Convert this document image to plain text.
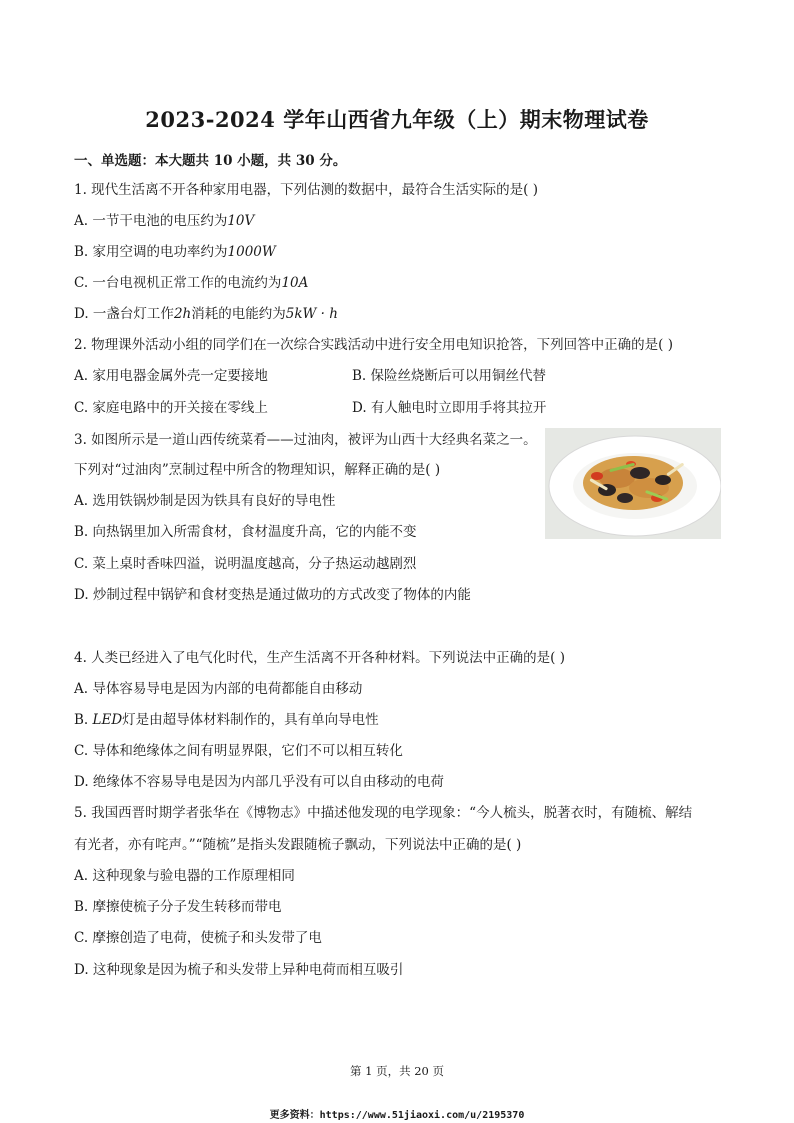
2023-2024 学年山西省九年级（上）期末物理试卷
一、单选题：本大题共 10 小题，共 30 分。
1. 现代生活离不开各种家用电器，下列估测的数据中，最符合生活实际的是( )
A. 一节干电池的电压约为10V
B. 家用空调的电功率约为1000W
C. 一台电视机正常工作的电流约为10A
D. 一盏台灯工作2h消耗的电能约为5kW · h
2. 物理课外活动小组的同学们在一次综合实践活动中进行安全用电知识抢答，下列回答中正确的是( )
A. 家用电器金属外壳一定要接地	B. 保险丝烧断后可以用铜丝代替
C. 家庭电路中的开关接在零线上	D. 有人触电时立即用手将其拉开
3. 如图所示是一道山西传统菜肴——过油肉，被评为山西十大经典名菜之一。
下列对“过油肉”烹制过程中所含的物理知识，解释正确的是( )
A. 选用铁锅炒制是因为铁具有良好的导电性
B. 向热锅里加入所需食材，食材温度升高，它的内能不变
C. 菜上桌时香味四溢，说明温度越高，分子热运动越剧烈
D. 炒制过程中锅铲和食材变热是通过做功的方式改变了物体的内能
4. 人类已经进入了电气化时代，生产生活离不开各种材料。下列说法中正确的是( )
A. 导体容易导电是因为内部的电荷都能自由移动
B. LED灯是由超导体材料制作的，具有单向导电性
C. 导体和绝缘体之间有明显界限，它们不可以相互转化
D. 绝缘体不容易导电是因为内部几乎没有可以自由移动的电荷
5. 我国西晋时期学者张华在《博物志》中描述他发现的电学现象：“今人梳头，脱著衣时，有随梳、解结
有光者，亦有咤声。”“随梳”是指头发跟随梳子飘动，下列说法中正确的是( )
A. 这种现象与验电器的工作原理相同
B. 摩擦使梳子分子发生转移而带电
C. 摩擦创造了电荷，使梳子和头发带了电
D. 这种现象是因为梳子和头发带上异种电荷而相互吸引
第 1 页，共 20 页
更多资料：https://www.51jiaoxi.com/u/2195370
